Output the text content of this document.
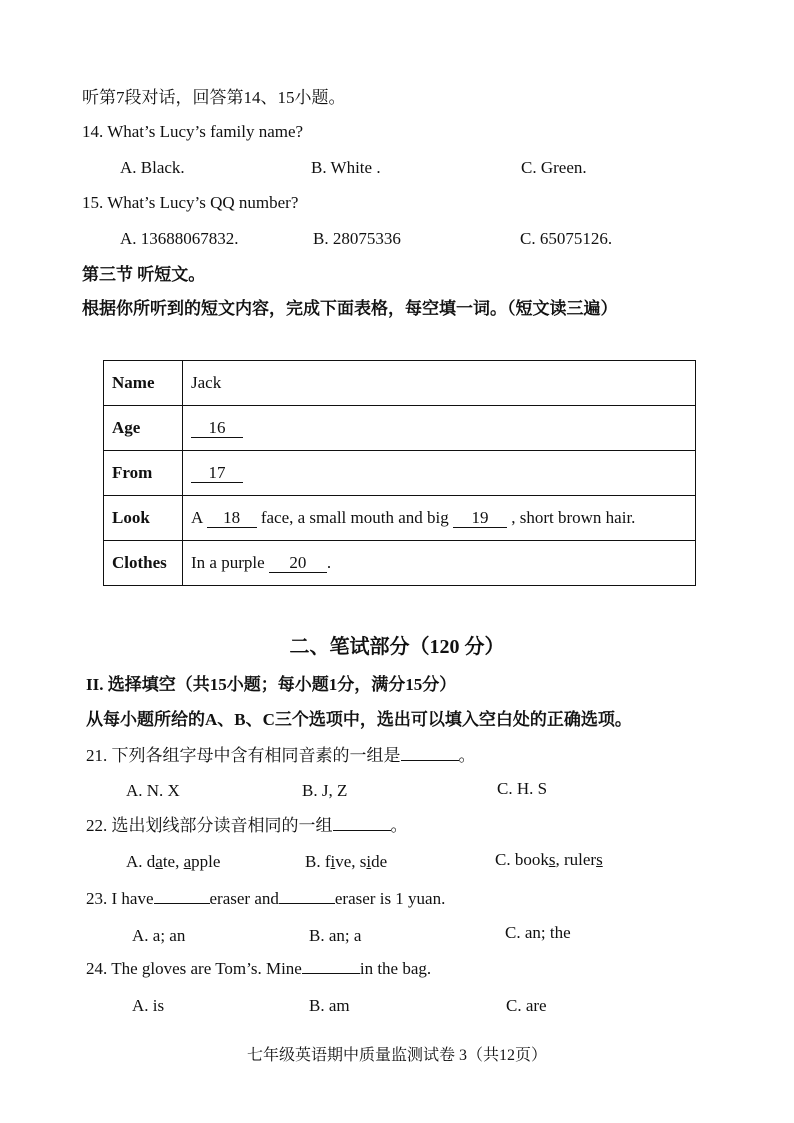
听第7段对话，回答第14、15小题。
14. What’s Lucy’s family name?
A. Black.	B. White .	C. Green.
15. What’s Lucy’s QQ number?
A. 13688067832.	B. 28075336	C. 65075126.
第三节 听短文。
根据你所听到的短文内容，完成下面表格，每空填一词。（短文读三遍）
Name	Jack
Age	16
From	17
Look	A 18 face, a small mouth and big 19 , short brown hair.
Clothes	In a purple 20 .
二、笔试部分（120 分）
II. 选择填空（共15小题；每小题1分，满分15分）
从每小题所给的A、B、C三个选项中，选出可以填入空白处的正确选项。
21. 下列各组字母中含有相同音素的一组是	。
A. N. X	B. J, Z	C. H. S
22. 选出划线部分读音相同的一组	。
A. date, apple	B. five, side	C. books, rulers
23. I have	eraser and	eraser is 1 yuan.
A. a; an	B. an; a	C. an; the
24. The gloves are Tom’s. Mine	in the bag.
A. is	B. am	C. are
七年级英语期中质量监测试卷 3（共12页）
